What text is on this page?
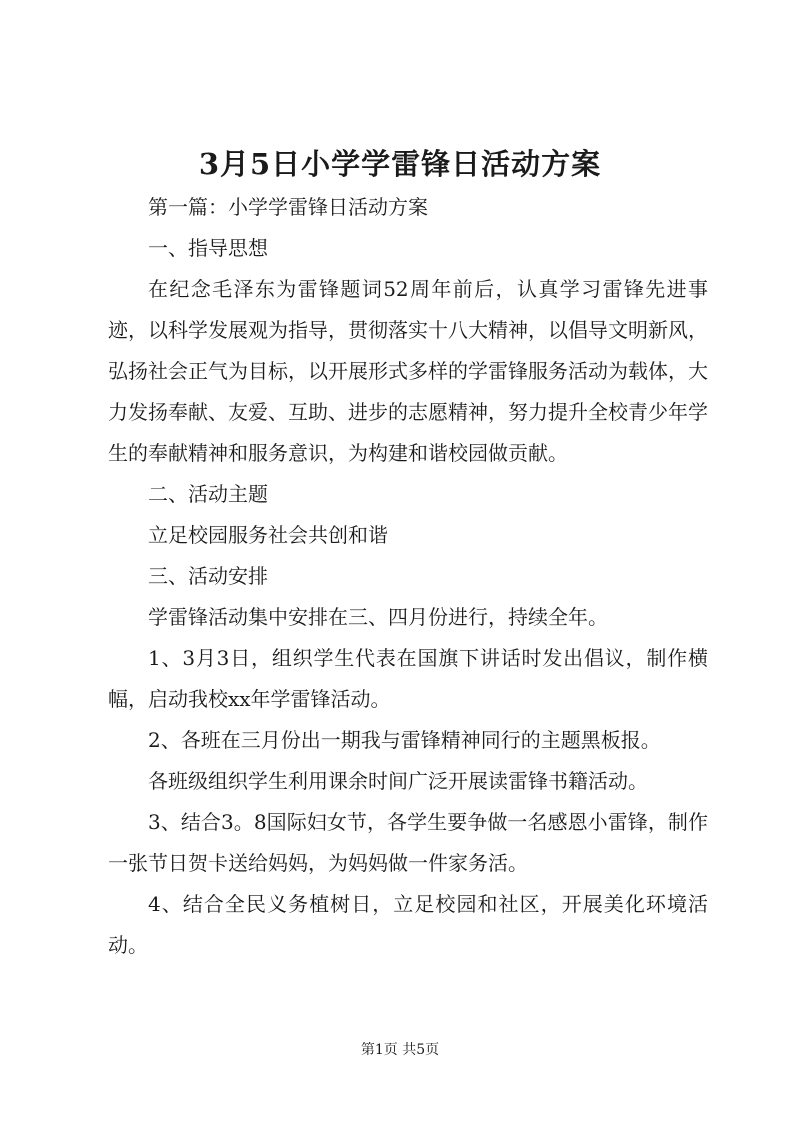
3月5日小学学雷锋日活动方案

第一篇：小学学雷锋日活动方案

一、指导思想

在纪念毛泽东为雷锋题词52周年前后，认真学习雷锋先进事迹，以科学发展观为指导，贯彻落实十八大精神，以倡导文明新风，弘扬社会正气为目标，以开展形式多样的学雷锋服务活动为载体，大力发扬奉献、友爱、互助、进步的志愿精神，努力提升全校青少年学生的奉献精神和服务意识，为构建和谐校园做贡献。

二、活动主题

立足校园服务社会共创和谐

三、活动安排

学雷锋活动集中安排在三、四月份进行，持续全年。

1、3月3日，组织学生代表在国旗下讲话时发出倡议，制作横幅，启动我校xx年学雷锋活动。

2、各班在三月份出一期我与雷锋精神同行的主题黑板报。

各班级组织学生利用课余时间广泛开展读雷锋书籍活动。

3、结合3。8国际妇女节，各学生要争做一名感恩小雷锋，制作一张节日贺卡送给妈妈，为妈妈做一件家务活。

4、结合全民义务植树日，立足校园和社区，开展美化环境活动。

第1页 共5页
